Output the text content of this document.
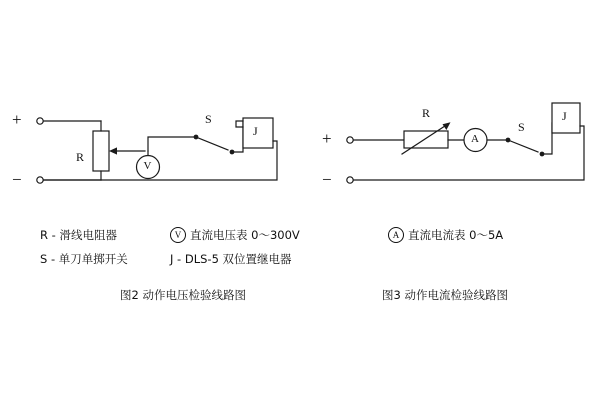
+
−
R
S
J
V
+
−
R
S
J
A
R - 滑线电阻器
S - 单刀单掷开关
V 直流电压表 0～300V
J - DLS-5 双位置继电器
A 直流电流表 0～5A
图2 动作电压检验线路图	图3 动作电流检验线路图
